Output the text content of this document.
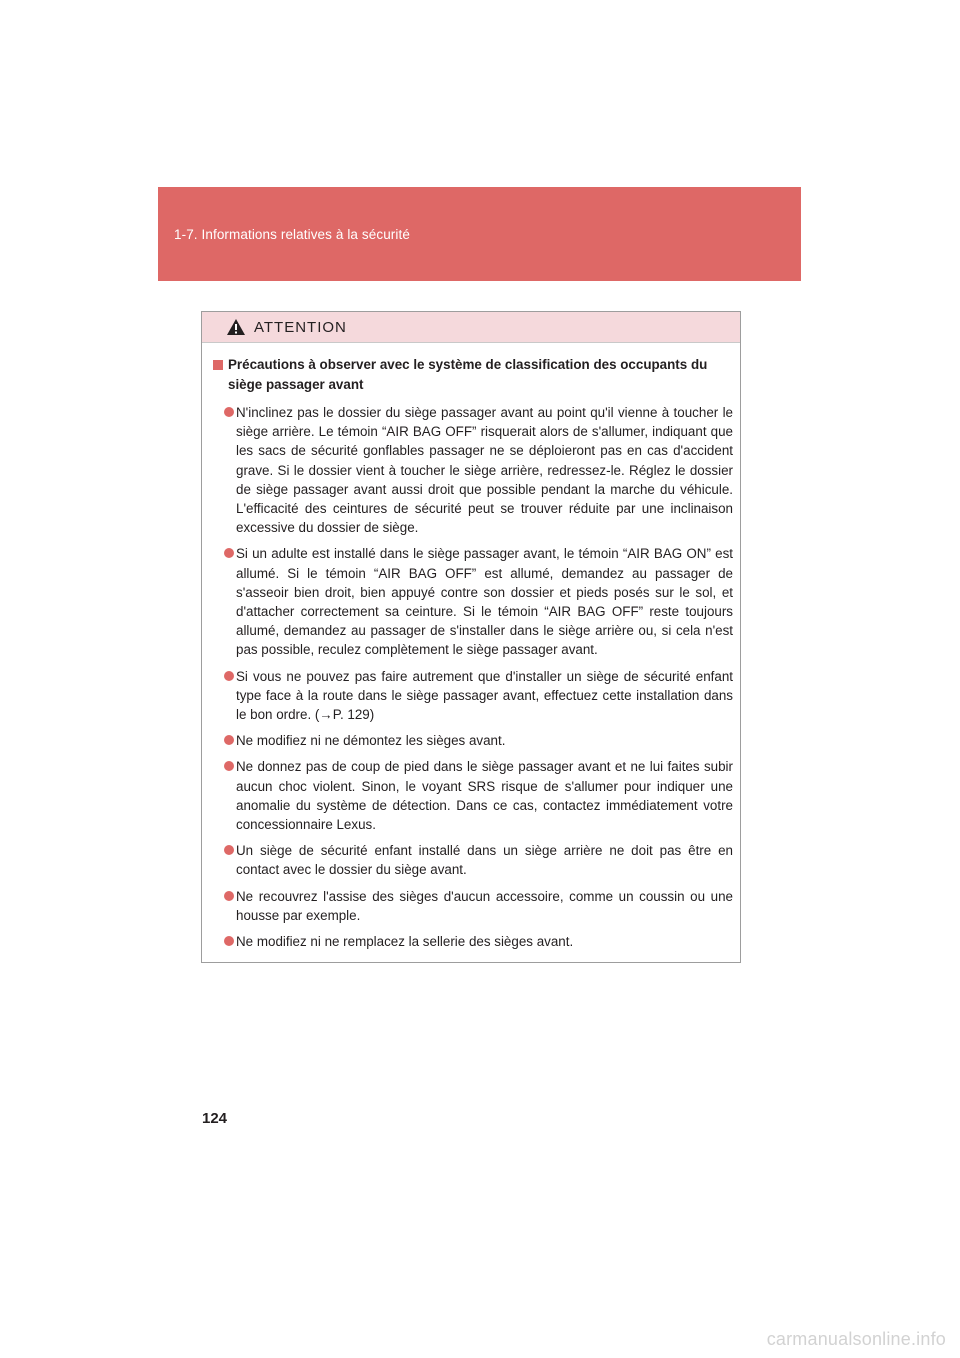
1-7. Informations relatives à la sécurité
ATTENTION
Précautions à observer avec le système de classification des occupants du siège passager avant
N'inclinez pas le dossier du siège passager avant au point qu'il vienne à toucher le siège arrière. Le témoin “AIR BAG OFF” risquerait alors de s'allumer, indiquant que les sacs de sécurité gonflables passager ne se déploieront pas en cas d'accident grave. Si le dossier vient à toucher le siège arrière, redressez-le. Réglez le dossier de siège passager avant aussi droit que possible pendant la marche du véhicule. L'efficacité des ceintures de sécurité peut se trouver réduite par une inclinaison excessive du dossier de siège.
Si un adulte est installé dans le siège passager avant, le témoin “AIR BAG ON” est allumé. Si le témoin “AIR BAG OFF” est allumé, demandez au passager de s'asseoir bien droit, bien appuyé contre son dossier et pieds posés sur le sol, et d'attacher correctement sa ceinture. Si le témoin “AIR BAG OFF” reste toujours allumé, demandez au passager de s'installer dans le siège arrière ou, si cela n'est pas possible, reculez complètement le siège passager avant.
Si vous ne pouvez pas faire autrement que d'installer un siège de sécurité enfant type face à la route dans le siège passager avant, effectuez cette installation dans le bon ordre. (→P. 129)
Ne modifiez ni ne démontez les sièges avant.
Ne donnez pas de coup de pied dans le siège passager avant et ne lui faites subir aucun choc violent. Sinon, le voyant SRS risque de s'allumer pour indiquer une anomalie du système de détection. Dans ce cas, contactez immédiatement votre concessionnaire Lexus.
Un siège de sécurité enfant installé dans un siège arrière ne doit pas être en contact avec le dossier du siège avant.
Ne recouvrez l'assise des sièges d'aucun accessoire, comme un coussin ou une housse par exemple.
Ne modifiez ni ne remplacez la sellerie des sièges avant.
124
carmanualsonline.info
